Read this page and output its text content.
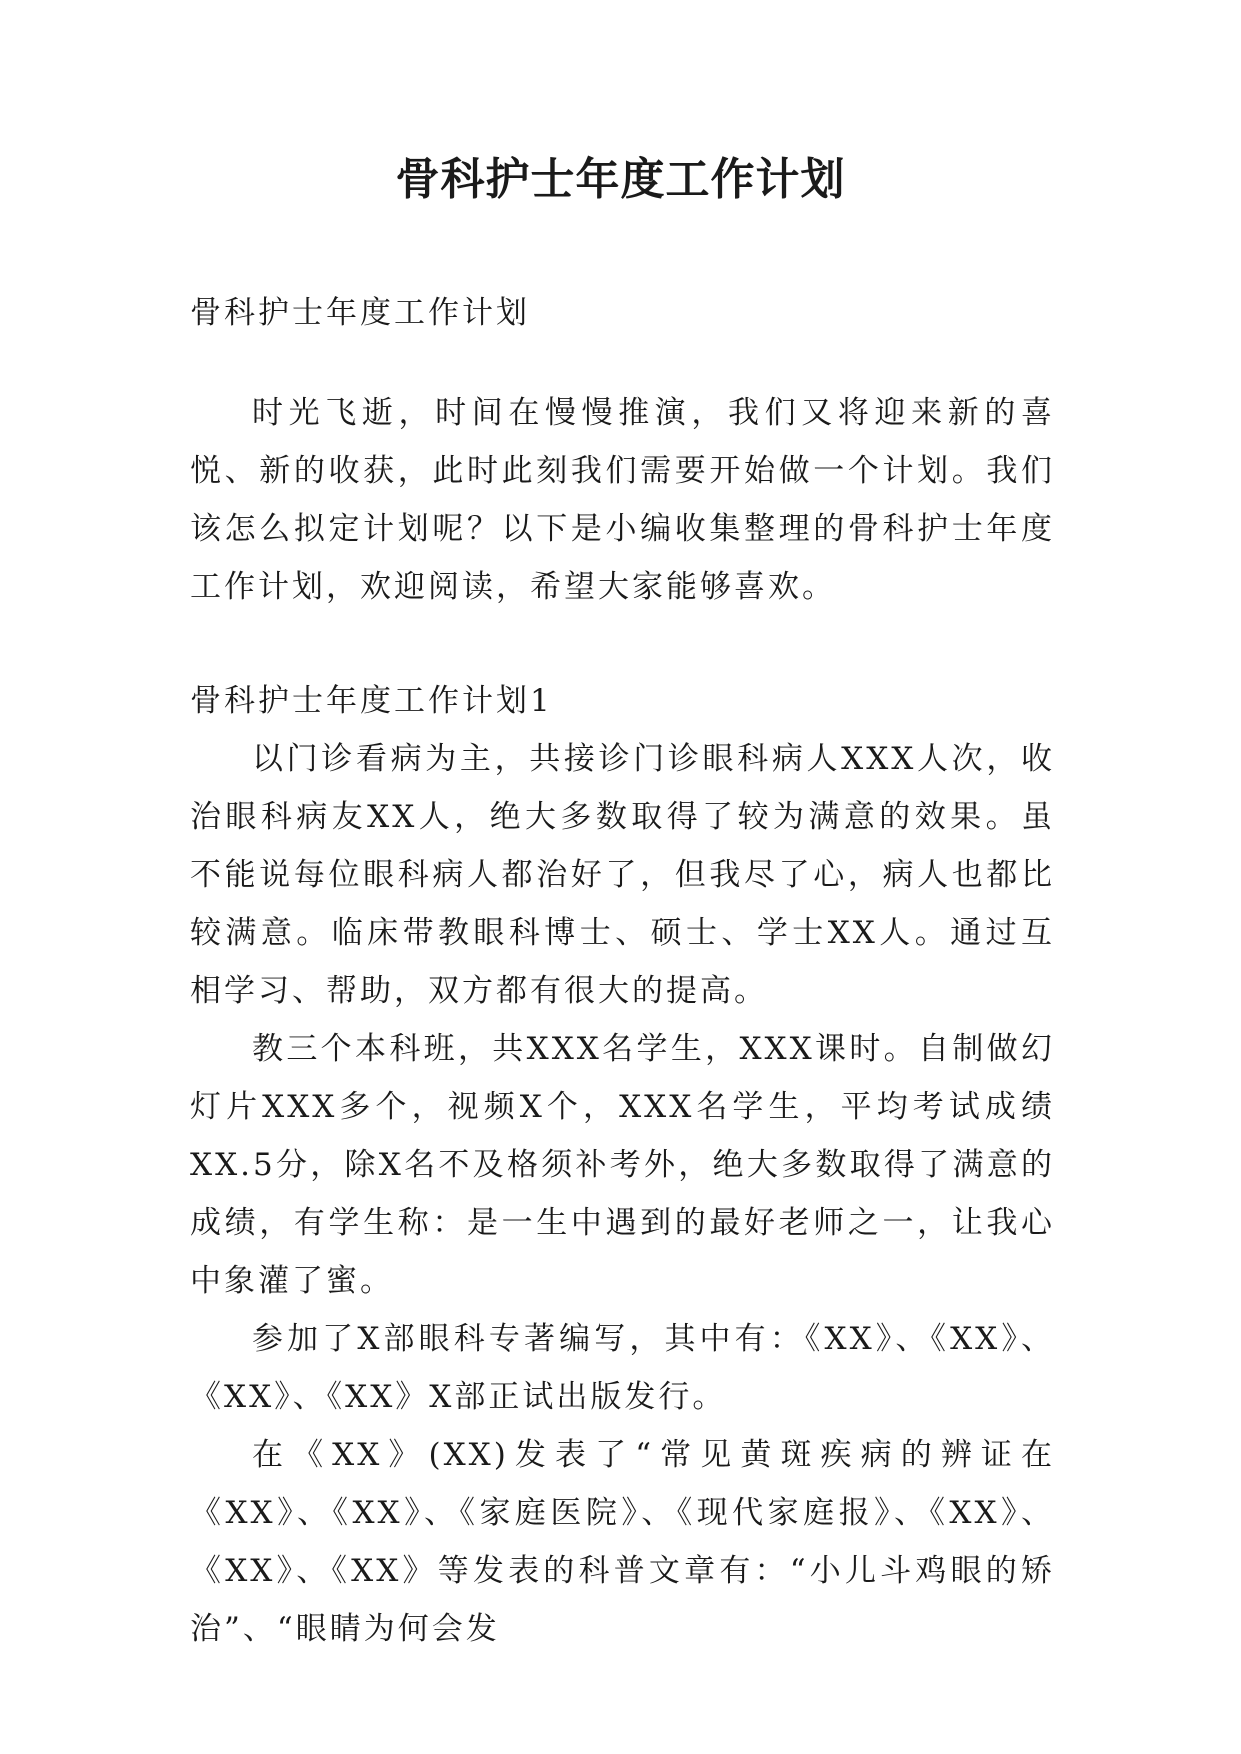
骨科护士年度工作计划

骨科护士年度工作计划

时光飞逝，时间在慢慢推演，我们又将迎来新的喜悦、新的收获，此时此刻我们需要开始做一个计划。我们该怎么拟定计划呢？以下是小编收集整理的骨科护士年度工作计划，欢迎阅读，希望大家能够喜欢。

骨科护士年度工作计划1

以门诊看病为主，共接诊门诊眼科病人XXX人次，收治眼科病友XX人，绝大多数取得了较为满意的效果。虽不能说每位眼科病人都治好了，但我尽了心，病人也都比较满意。临床带教眼科博士、硕士、学士XX人。通过互相学习、帮助，双方都有很大的提高。

教三个本科班，共XXX名学生，XXX课时。自制做幻灯片XXX多个，视频X个，XXX名学生，平均考试成绩XX.5分，除X名不及格须补考外，绝大多数取得了满意的成绩，有学生称：是一生中遇到的最好老师之一，让我心中象灌了蜜。

参加了X部眼科专著编写，其中有：《XX》、《XX》、《XX》、《XX》X部正试出版发行。

在《XX》(XX)发表了“常见黄斑疾病的辨证在《XX》、《XX》、《家庭医院》、《现代家庭报》、《XX》、《XX》、《XX》等发表的科普文章有：“小儿斗鸡眼的矫治”、“眼睛为何会发
